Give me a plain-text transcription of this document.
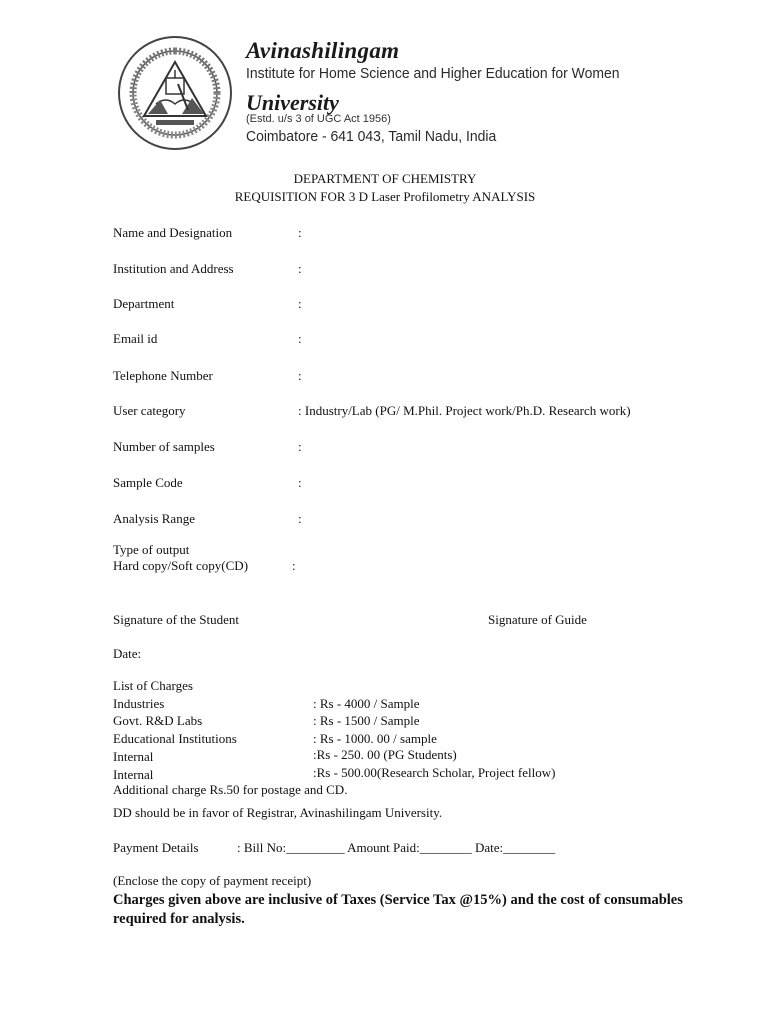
Avinashilingam
Institute for Home Science and Higher Education for Women
University
(Estd. u/s 3 of UGC Act 1956)
Coimbatore - 641 043, Tamil Nadu, India
DEPARTMENT OF CHEMISTRY
REQUISITION FOR 3 D Laser Profilometry ANALYSIS
Name and Designation	:
Institution and Address	:
Department	:
Email id	:
Telephone Number	:
User category	: Industry/Lab (PG/ M.Phil. Project work/Ph.D. Research work)
Number of samples	:
Sample Code	:
Analysis Range	:
Type of output
Hard copy/Soft copy(CD)	:
Signature of the Student	Signature of Guide
Date:
List of Charges
Industries	: Rs - 4000 / Sample
Govt. R&D Labs	: Rs - 1500 / Sample
Educational Institutions	: Rs - 1000. 00 / sample
Internal	:Rs - 250. 00 (PG Students)
Internal	:Rs - 500.00(Research Scholar, Project fellow)
Additional charge Rs.50 for postage and CD.
DD should be in favor of Registrar, Avinashilingam University.
Payment Details	: Bill No:_________ Amount Paid:________ Date:________
(Enclose the copy of payment receipt)
Charges given above are inclusive of Taxes (Service Tax @15%) and the cost of consumables required for analysis.
